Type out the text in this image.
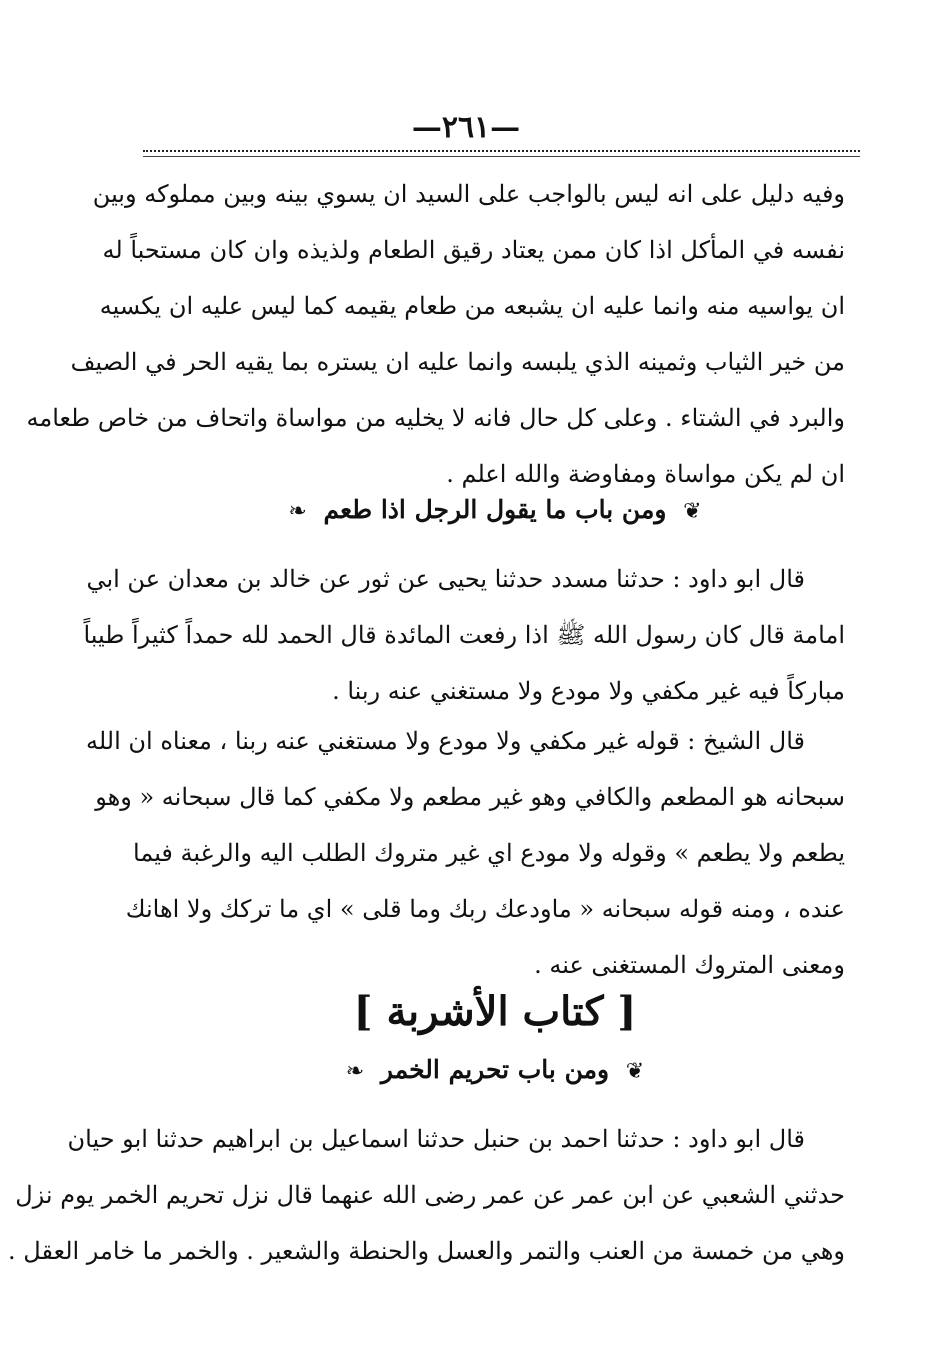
—٢٦١—
وفيه دليل على انه ليس بالواجب على السيد ان يسوي بينه وبين مملوكه وبين
نفسه في المأكل اذا كان ممن يعتاد رقيق الطعام ولذيذه وان كان مستحباً له
ان يواسيه منه وانما عليه ان يشبعه من طعام يقيمه كما ليس عليه ان يكسيه
من خير الثياب وثمينه الذي يلبسه وانما عليه ان يستره بما يقيه الحر في الصيف
والبرد في الشتاء . وعلى كل حال فانه لا يخليه من مواساة واتحاف من خاص طعامه
ان لم يكن مواساة ومفاوضة والله اعلم .
❦ ومن باب ما يقول الرجل اذا طعم ❧
قال ابو داود : حدثنا مسدد حدثنا يحيى عن ثور عن خالد بن معدان عن ابي
امامة قال كان رسول الله ﷺ اذا رفعت المائدة قال الحمد لله حمداً كثيراً طيباً
مباركاً فيه غير مكفي ولا مودع ولا مستغني عنه ربنا .
قال الشيخ : قوله غير مكفي ولا مودع ولا مستغني عنه ربنا ، معناه ان الله
سبحانه هو المطعم والكافي وهو غير مطعم ولا مكفي كما قال سبحانه « وهو
يطعم ولا يطعم » وقوله ولا مودع اي غير متروك الطلب اليه والرغبة فيما
عنده ، ومنه قوله سبحانه « ماودعك ربك وما قلى » اي ما تركك ولا اهانك
ومعنى المتروك المستغنى عنه .
[ كتاب الأشربة ]
❦ ومن باب تحريم الخمر ❧
قال ابو داود : حدثنا احمد بن حنبل حدثنا اسماعيل بن ابراهيم حدثنا ابو حيان
حدثني الشعبي عن ابن عمر عن عمر رضى الله عنهما قال نزل تحريم الخمر يوم نزل
وهي من خمسة من العنب والتمر والعسل والحنطة والشعير . والخمر ما خامر العقل .
